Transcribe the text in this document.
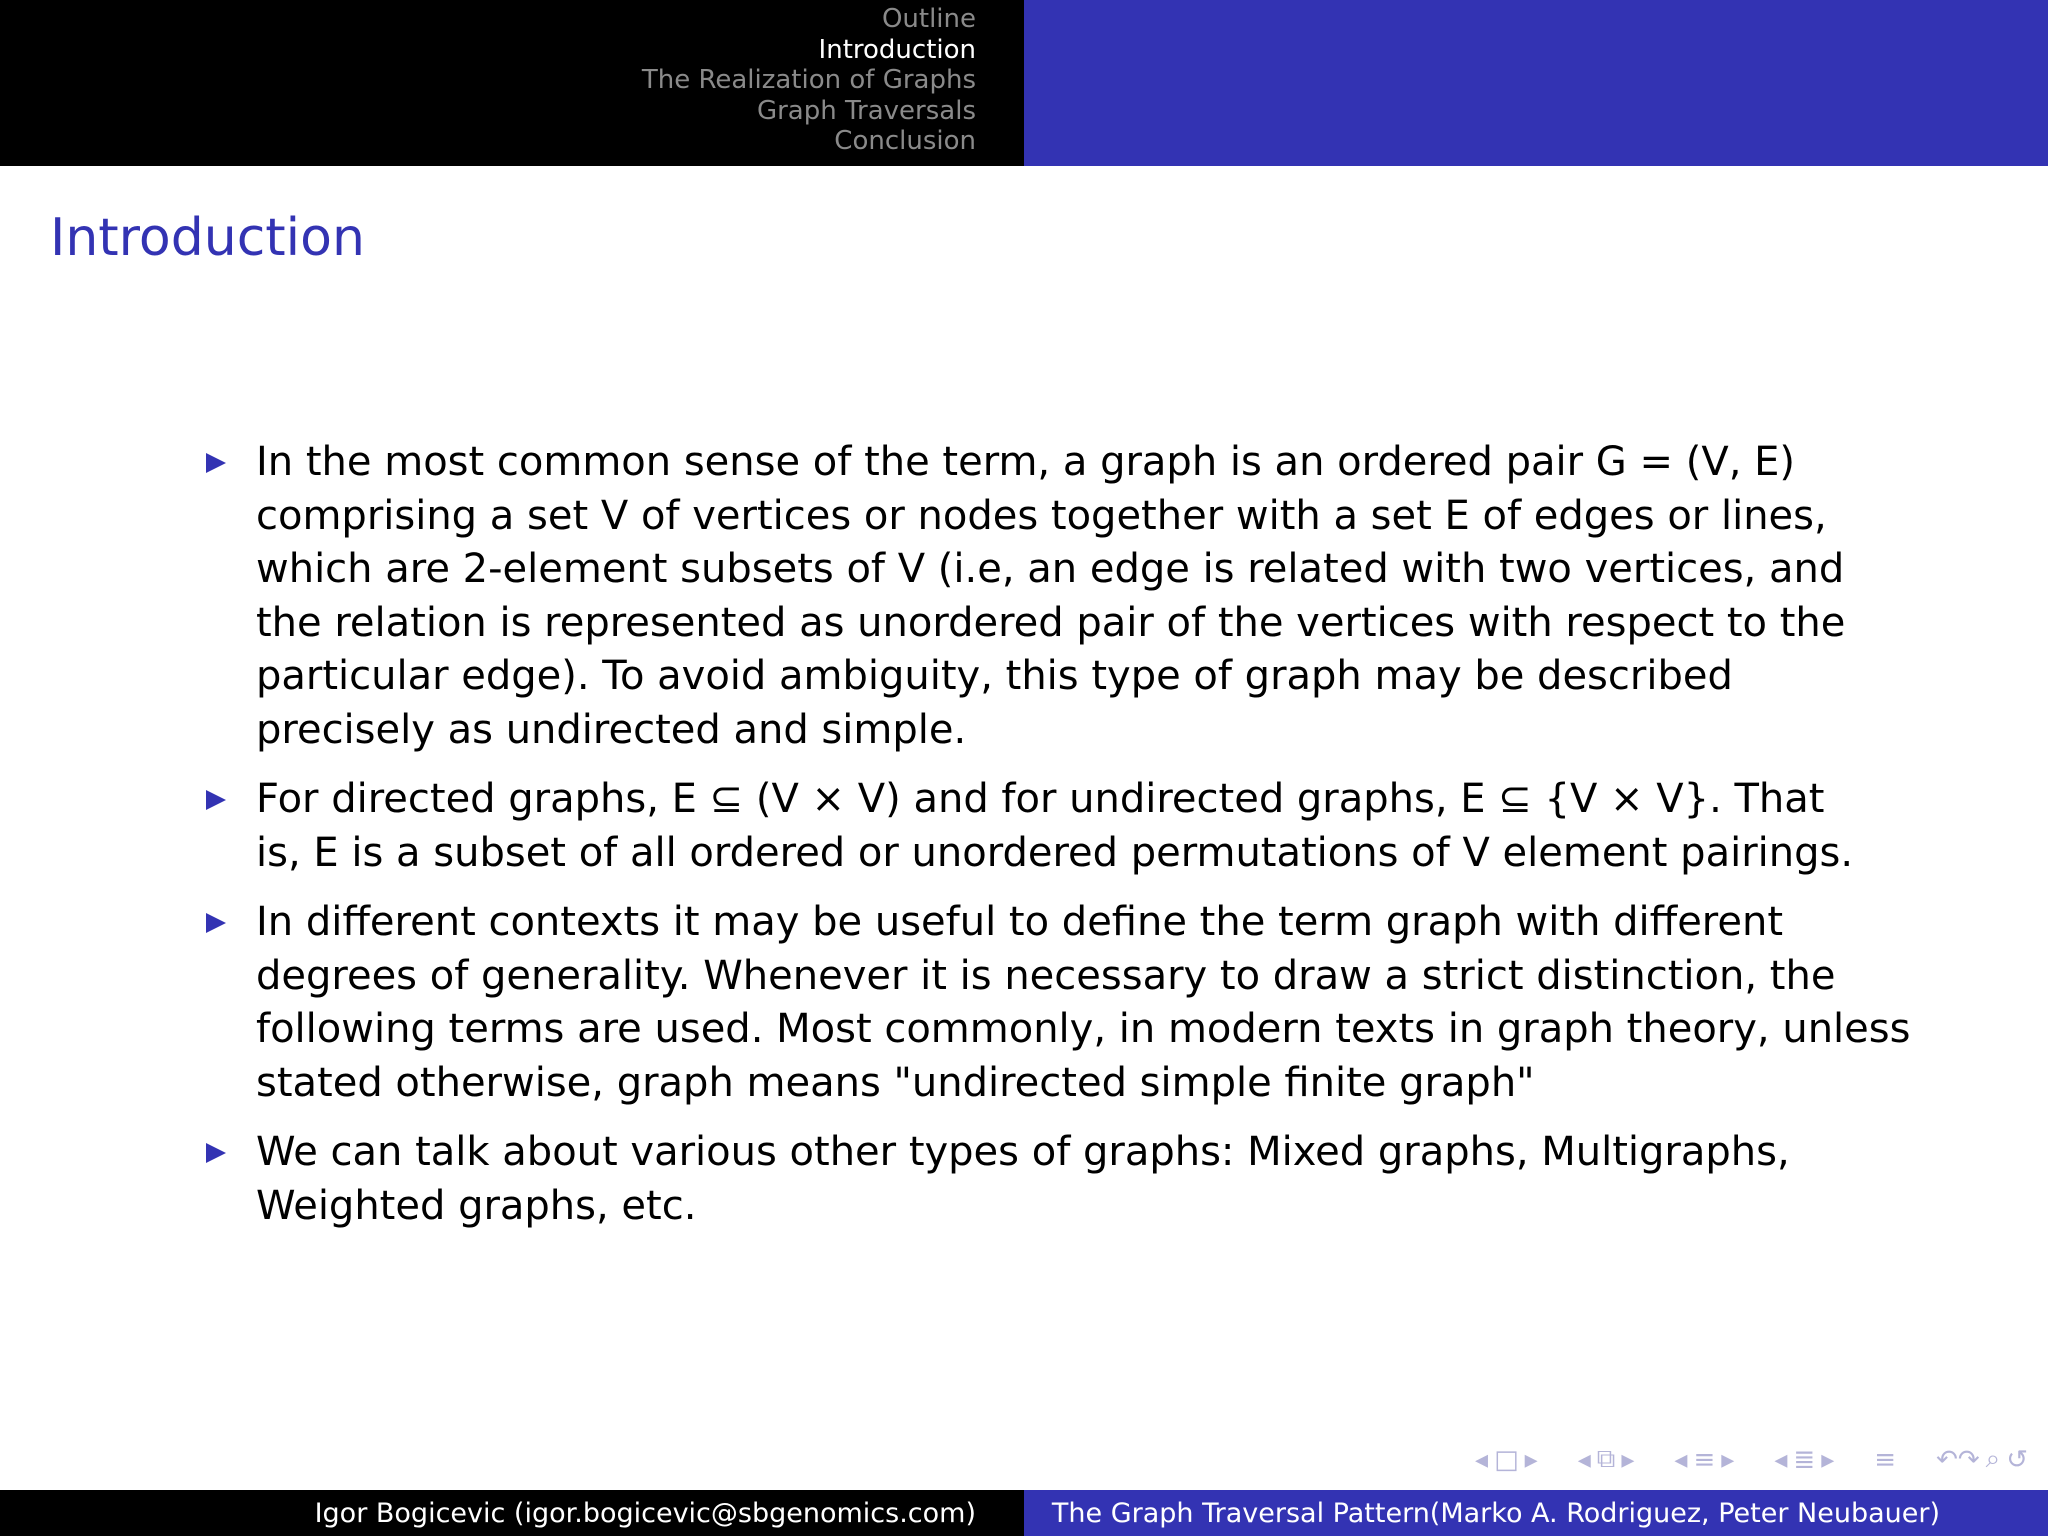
Outline
Introduction
The Realization of Graphs
Graph Traversals
Conclusion
Introduction
In the most common sense of the term, a graph is an ordered pair G = (V, E)
comprising a set V of vertices or nodes together with a set E of edges or lines,
which are 2-element subsets of V (i.e, an edge is related with two vertices, and
the relation is represented as unordered pair of the vertices with respect to the
particular edge). To avoid ambiguity, this type of graph may be described
precisely as undirected and simple.
For directed graphs, E ⊆ (V × V) and for undirected graphs, E ⊆ {V × V}. That
is, E is a subset of all ordered or unordered permutations of V element pairings.
In different contexts it may be useful to define the term graph with different
degrees of generality. Whenever it is necessary to draw a strict distinction, the
following terms are used. Most commonly, in modern texts in graph theory, unless
stated otherwise, graph means "undirected simple finite graph"
We can talk about various other types of graphs: Mixed graphs, Multigraphs,
Weighted graphs, etc.
◂ □ ▸ ◂ ⧉ ▸ ◂ ≡ ▸ ◂ ≣ ▸ ≡ ↶↷ ⌕ ↺
Igor Bogicevic (igor.bogicevic@sbgenomics.com)	The Graph Traversal Pattern(Marko A. Rodriguez, Peter Neubauer)
